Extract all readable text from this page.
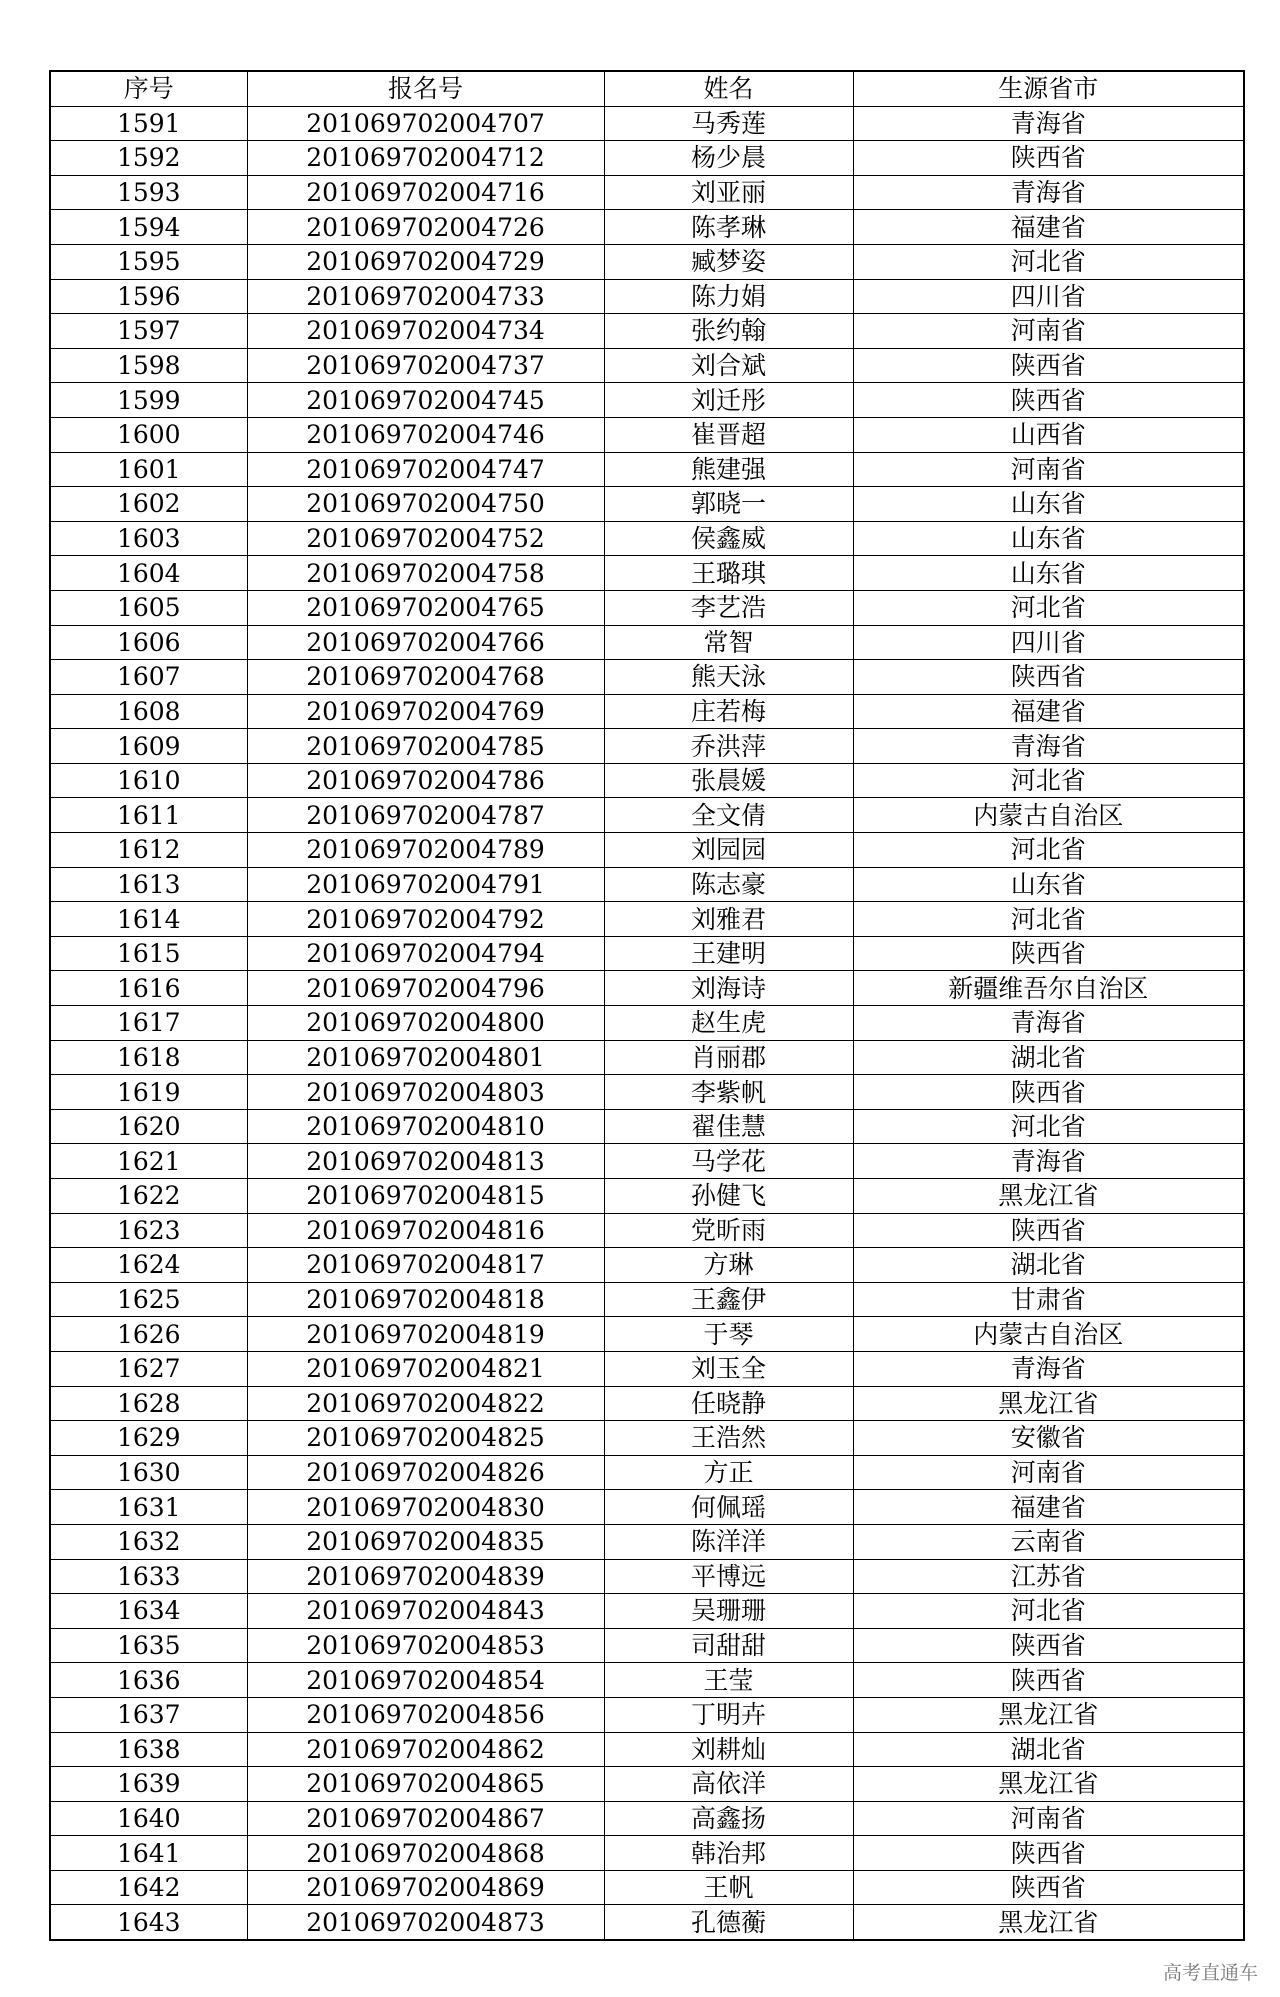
序号	报名号	姓名	生源省市
1591	201069702004707	马秀莲	青海省
1592	201069702004712	杨少晨	陕西省
1593	201069702004716	刘亚丽	青海省
1594	201069702004726	陈孝琳	福建省
1595	201069702004729	臧梦姿	河北省
1596	201069702004733	陈力娟	四川省
1597	201069702004734	张约翰	河南省
1598	201069702004737	刘合斌	陕西省
1599	201069702004745	刘迁彤	陕西省
1600	201069702004746	崔晋超	山西省
1601	201069702004747	熊建强	河南省
1602	201069702004750	郭晓一	山东省
1603	201069702004752	侯鑫威	山东省
1604	201069702004758	王璐琪	山东省
1605	201069702004765	李艺浩	河北省
1606	201069702004766	常智	四川省
1607	201069702004768	熊天泳	陕西省
1608	201069702004769	庄若梅	福建省
1609	201069702004785	乔洪萍	青海省
1610	201069702004786	张晨媛	河北省
1611	201069702004787	全文倩	内蒙古自治区
1612	201069702004789	刘园园	河北省
1613	201069702004791	陈志豪	山东省
1614	201069702004792	刘雅君	河北省
1615	201069702004794	王建明	陕西省
1616	201069702004796	刘海诗	新疆维吾尔自治区
1617	201069702004800	赵生虎	青海省
1618	201069702004801	肖丽郡	湖北省
1619	201069702004803	李紫帆	陕西省
1620	201069702004810	翟佳慧	河北省
1621	201069702004813	马学花	青海省
1622	201069702004815	孙健飞	黑龙江省
1623	201069702004816	党昕雨	陕西省
1624	201069702004817	方琳	湖北省
1625	201069702004818	王鑫伊	甘肃省
1626	201069702004819	于琴	内蒙古自治区
1627	201069702004821	刘玉全	青海省
1628	201069702004822	任晓静	黑龙江省
1629	201069702004825	王浩然	安徽省
1630	201069702004826	方正	河南省
1631	201069702004830	何佩瑶	福建省
1632	201069702004835	陈洋洋	云南省
1633	201069702004839	平博远	江苏省
1634	201069702004843	吴珊珊	河北省
1635	201069702004853	司甜甜	陕西省
1636	201069702004854	王莹	陕西省
1637	201069702004856	丁明卉	黑龙江省
1638	201069702004862	刘耕灿	湖北省
1639	201069702004865	高依洋	黑龙江省
1640	201069702004867	高鑫扬	河南省
1641	201069702004868	韩治邦	陕西省
1642	201069702004869	王帆	陕西省
1643	201069702004873	孔德蘅	黑龙江省
高考直通车
